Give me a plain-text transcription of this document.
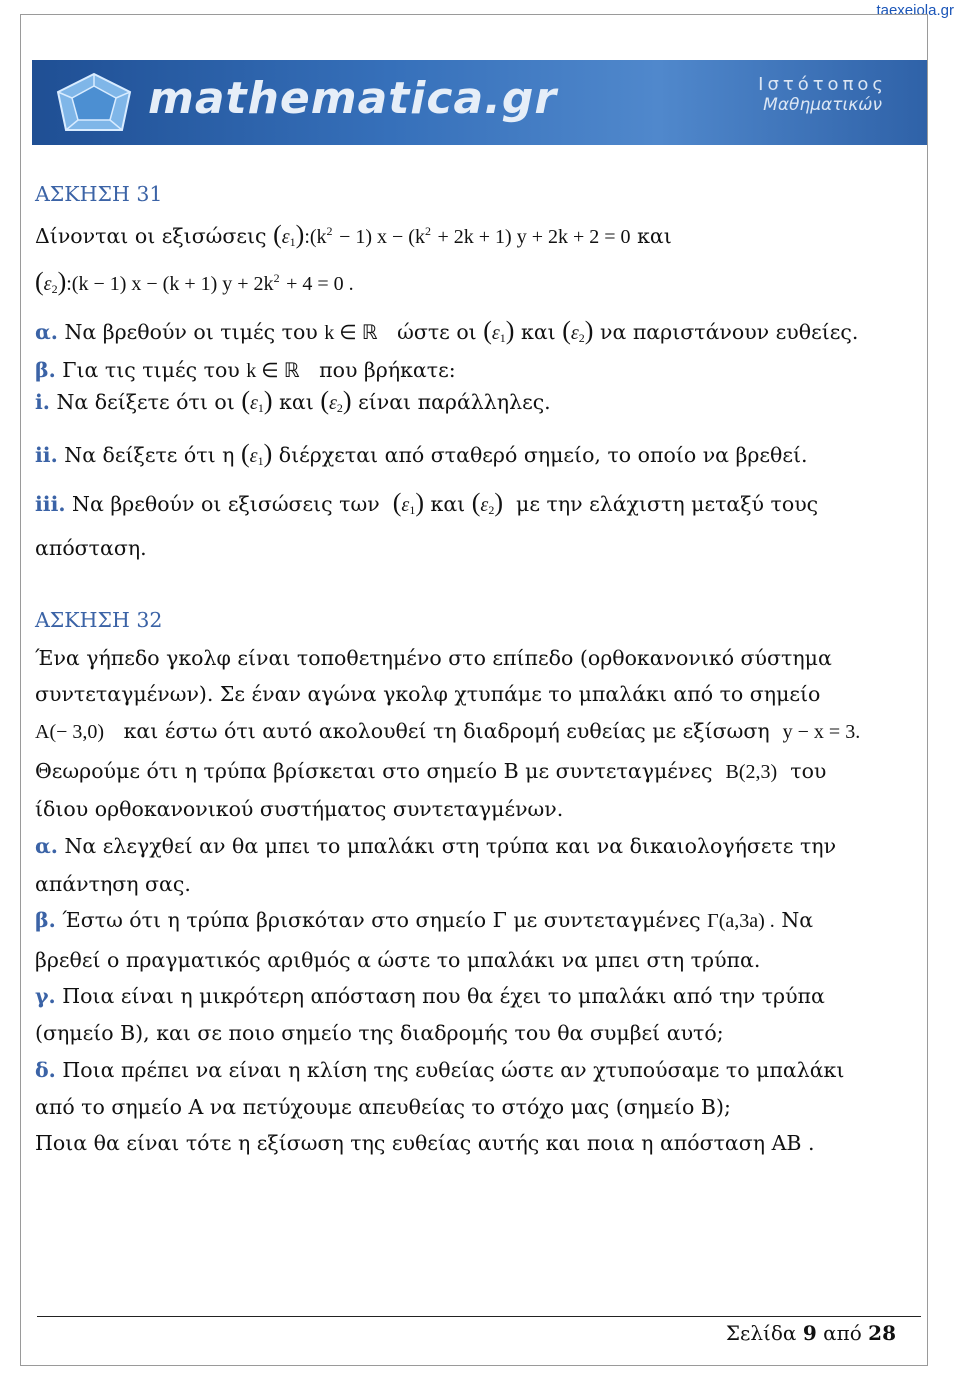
taexeiola.gr
mathematica.gr	Ιστότοπος
Μαθηματικών
ΑΣΚΗΣΗ 31
Δίνονται οι εξισώσεις $(\varepsilon_1):(k^2 - 1) x - (k^2 + 2k + 1) y + 2k + 2 = 0$ και
$(\varepsilon_2):(k - 1) x - (k + 1) y + 2k^2 + 4 = 0$ .
α. Να βρεθούν οι τιμές του k ∈ ℝ ώστε οι $(\varepsilon_1)$ και $(\varepsilon_2)$ να παριστάνουν ευθείες.
β. Για τις τιμές του k ∈ ℝ που βρήκατε:
i. Να δείξετε ότι οι $(\varepsilon_1)$ και $(\varepsilon_2)$ είναι παράλληλες.
ii. Να δείξετε ότι η $(\varepsilon_1)$ διέρχεται από σταθερό σημείο, το οποίο να βρεθεί.
iii. Να βρεθούν οι εξισώσεις των $(\varepsilon_1)$ και $(\varepsilon_2)$ με την ελάχιστη μεταξύ τους
απόσταση.
ΑΣΚΗΣΗ 32
Ένα γήπεδο γκολφ είναι τοποθετημένο στο επίπεδο (ορθοκανονικό σύστημα
συντεταγμένων). Σε έναν αγώνα γκολφ χτυπάμε το μπαλάκι από το σημείο
A(− 3,0) και έστω ότι αυτό ακολουθεί τη διαδρομή ευθείας με εξίσωση y − x = 3.
Θεωρούμε ότι η τρύπα βρίσκεται στο σημείο Β με συντεταγμένες B(2,3) του
ίδιου ορθοκανονικού συστήματος συντεταγμένων.
α. Να ελεγχθεί αν θα μπει το μπαλάκι στη τρύπα και να δικαιολογήσετε την
απάντηση σας.
β. Έστω ότι η τρύπα βρισκόταν στο σημείο Γ με συντεταγμένες Γ(a,3a) . Να
βρεθεί ο πραγματικός αριθμός α ώστε το μπαλάκι να μπει στη τρύπα.
γ. Ποια είναι η μικρότερη απόσταση που θα έχει το μπαλάκι από την τρύπα
(σημείο Β), και σε ποιο σημείο της διαδρομής του θα συμβεί αυτό;
δ. Ποια πρέπει να είναι η κλίση της ευθείας ώστε αν χτυπούσαμε το μπαλάκι
από το σημείο Α να πετύχουμε απευθείας το στόχο μας (σημείο Β);
Ποια θα είναι τότε η εξίσωση της ευθείας αυτής και ποια η απόσταση ΑΒ .
Σελίδα 9 από 28
